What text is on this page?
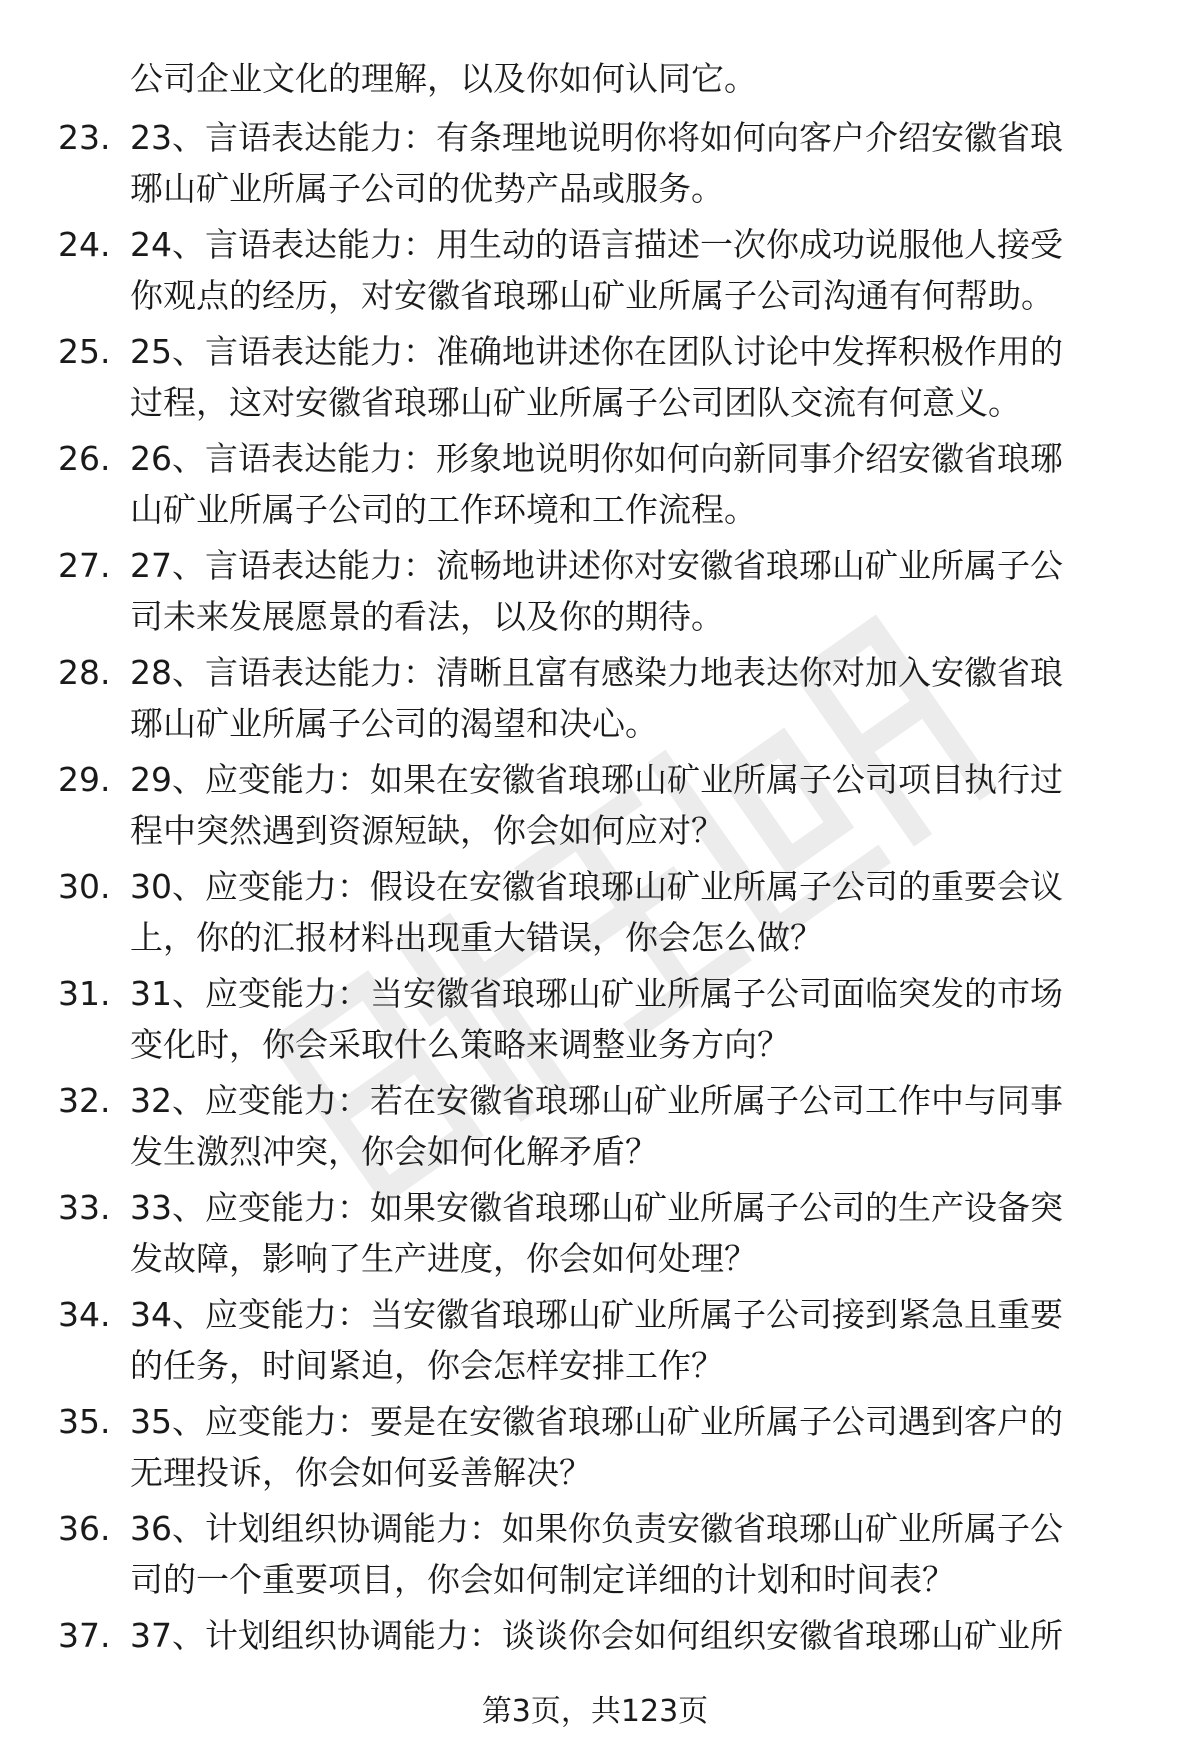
公司企业文化的理解，以及你如何认同它。
23. 23、言语表达能力：有条理地说明你将如何向客户介绍安徽省琅
琊山矿业所属子公司的优势产品或服务。
24. 24、言语表达能力：用生动的语言描述一次你成功说服他人接受
你观点的经历，对安徽省琅琊山矿业所属子公司沟通有何帮助。
25. 25、言语表达能力：准确地讲述你在团队讨论中发挥积极作用的
过程，这对安徽省琅琊山矿业所属子公司团队交流有何意义。
26. 26、言语表达能力：形象地说明你如何向新同事介绍安徽省琅琊
山矿业所属子公司的工作环境和工作流程。
27. 27、言语表达能力：流畅地讲述你对安徽省琅琊山矿业所属子公
司未来发展愿景的看法，以及你的期待。
28. 28、言语表达能力：清晰且富有感染力地表达你对加入安徽省琅
琊山矿业所属子公司的渴望和决心。
29. 29、应变能力：如果在安徽省琅琊山矿业所属子公司项目执行过
程中突然遇到资源短缺，你会如何应对？
30. 30、应变能力：假设在安徽省琅琊山矿业所属子公司的重要会议
上，你的汇报材料出现重大错误，你会怎么做？
31. 31、应变能力：当安徽省琅琊山矿业所属子公司面临突发的市场
变化时，你会采取什么策略来调整业务方向？
32. 32、应变能力：若在安徽省琅琊山矿业所属子公司工作中与同事
发生激烈冲突，你会如何化解矛盾？
33. 33、应变能力：如果安徽省琅琊山矿业所属子公司的生产设备突
发故障，影响了生产进度，你会如何处理？
34. 34、应变能力：当安徽省琅琊山矿业所属子公司接到紧急且重要
的任务，时间紧迫，你会怎样安排工作？
35. 35、应变能力：要是在安徽省琅琊山矿业所属子公司遇到客户的
无理投诉，你会如何妥善解决？
36. 36、计划组织协调能力：如果你负责安徽省琅琊山矿业所属子公
司的一个重要项目，你会如何制定详细的计划和时间表？
37. 37、计划组织协调能力：谈谈你会如何组织安徽省琅琊山矿业所
第3页，共123页
